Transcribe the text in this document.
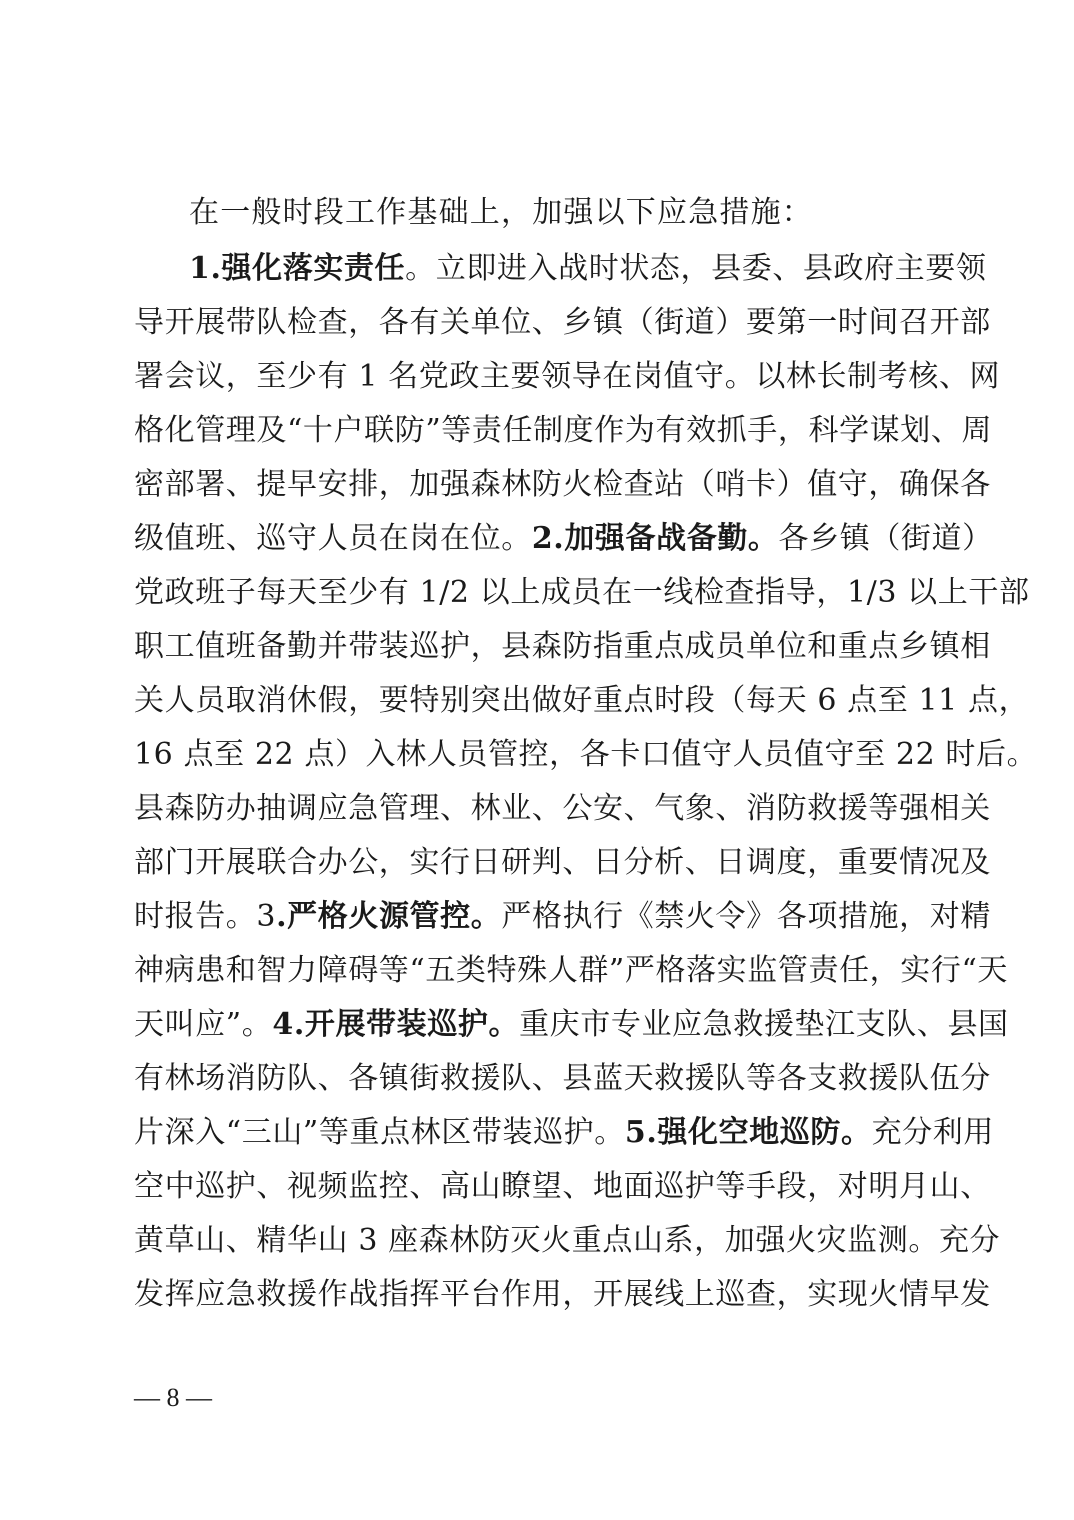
在一般时段工作基础上，加强以下应急措施：
1.强化落实责任。立即进入战时状态，县委、县政府主要领
导开展带队检查，各有关单位、乡镇（街道）要第一时间召开部
署会议，至少有 1 名党政主要领导在岗值守。以林长制考核、网
格化管理及“十户联防”等责任制度作为有效抓手，科学谋划、周
密部署、提早安排，加强森林防火检查站（哨卡）值守，确保各
级值班、巡守人员在岗在位。2.加强备战备勤。各乡镇（街道）
党政班子每天至少有 1/2 以上成员在一线检查指导，1/3 以上干部
职工值班备勤并带装巡护，县森防指重点成员单位和重点乡镇相
关人员取消休假，要特别突出做好重点时段（每天 6 点至 11 点，
16 点至 22 点）入林人员管控，各卡口值守人员值守至 22 时后。
县森防办抽调应急管理、林业、公安、气象、消防救援等强相关
部门开展联合办公，实行日研判、日分析、日调度，重要情况及
时报告。3.严格火源管控。严格执行《禁火令》各项措施，对精
神病患和智力障碍等“五类特殊人群”严格落实监管责任，实行“天
天叫应”。4.开展带装巡护。重庆市专业应急救援垫江支队、县国
有林场消防队、各镇街救援队、县蓝天救援队等各支救援队伍分
片深入“三山”等重点林区带装巡护。5.强化空地巡防。充分利用
空中巡护、视频监控、高山瞭望、地面巡护等手段，对明月山、
黄草山、精华山 3 座森林防灭火重点山系，加强火灾监测。充分
发挥应急救援作战指挥平台作用，开展线上巡查，实现火情早发
— 8 —
